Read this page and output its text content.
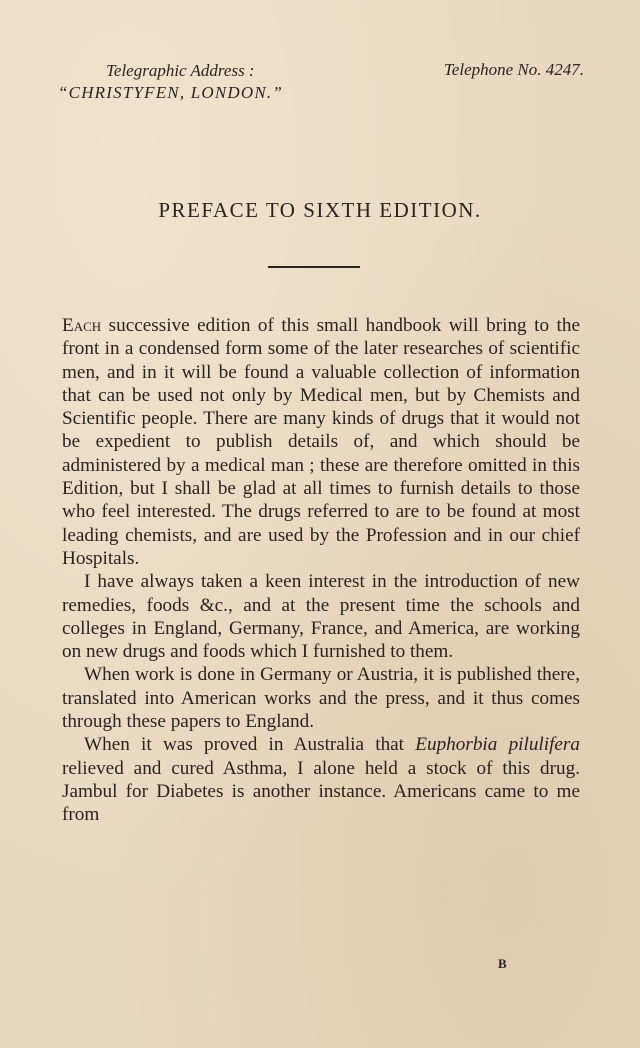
Telegraphic Address :
“CHRISTYFEN, LONDON.”
Telephone No. 4247.
PREFACE TO SIXTH EDITION.

Each successive edition of this small handbook will bring to the front in a condensed form some of the later researches of scientific men, and in it will be found a valuable collection of information that can be used not only by Medical men, but by Chemists and Scientific people. There are many kinds of drugs that it would not be expedient to publish details of, and which should be administered by a medical man ; these are therefore omitted in this Edition, but I shall be glad at all times to furnish details to those who feel interested. The drugs referred to are to be found at most leading chemists, and are used by the Profession and in our chief Hospitals.

I have always taken a keen interest in the introduction of new remedies, foods &c., and at the present time the schools and colleges in England, Germany, France, and America, are working on new drugs and foods which I furnished to them.

When work is done in Germany or Austria, it is published there, translated into American works and the press, and it thus comes through these papers to England.

When it was proved in Australia that Euphorbia pilulifera relieved and cured Asthma, I alone held a stock of this drug. Jambul for Diabetes is another instance. Americans came to me from

B
